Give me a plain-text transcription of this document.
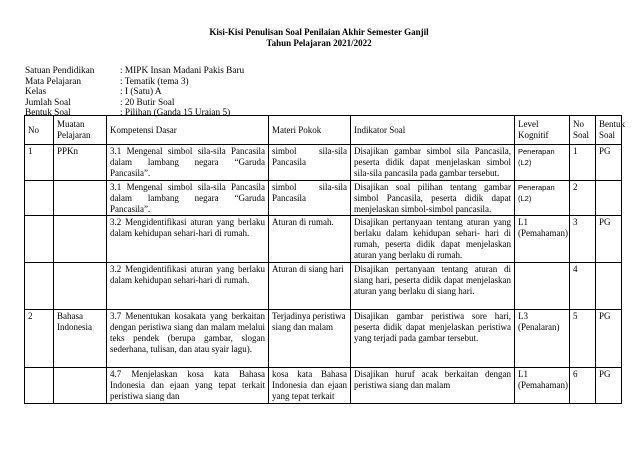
Kisi-Kisi Penulisan Soal Penilaian Akhir Semester Ganjil
Tahun Pelajaran 2021/2022
Satuan Pendidikan	: MIPK Insan Madani Pakis Baru
Mata Pelajaran	: Tematik (tema 3)
Kelas	: I (Satu) A
Jumlah Soal	: 20 Butir Soal
Bentuk Soal	: Pilihan (Ganda 15 Uraian 5)
No	Muatan Pelajaran	Kompetensi Dasar	Materi Pokok	Indikator Soal	Level Kognitif	No Soal	Bentuk Soal
1	PPKn	3.1 Mengenal simbol sila-sila Pancasila dalam lambang negara “Garuda Pancasila”.	simbol sila-sila Pancasila	Disajikan gambar simbol sila Pancasila, peserta didik dapat menjelaskan simbol sila-sila pancasila pada gambar tersebut.	Penerapan (L2)	1	PG
		3.1 Mengenal simbol sila-sila Pancasila dalam lambang negara “Garuda Pancasila”.	simbol sila-sila Pancasila	Disajikan soal pilihan tentang gambar simbol Pancasila, peserta didik dapat menjelaskan simbol-simbol pancasila.	Penerapan (L2)	2	
		3.2 Mengidentifikasi aturan yang berlaku dalam kehidupan sehari-hari di rumah.	Aturan di rumah.	Disajikan pertanyaan tentang aturan yang berlaku dalam kehidupan sehari- hari di rumah, peserta didik dapat menjelaskan aturan yang berlaku di rumah.	L1 (Pemahaman)	3	PG
		3.2 Mengidentifikasi aturan yang berlaku dalam kehidupan sehari-hari di rumah.	Aturan di siang hari	Disajikan pertanyaan tentang aturan di siang hari, peserta didik dapat menjelaskan aturan yang berlaku di siang hari.		4	
2	Bahasa Indonesia	3.7 Menentukan kosakata yang berkaitan dengan peristiwa siang dan malam melalui teks pendek (berupa gambar, slogan sederhana, tulisan, dan atau syair lagu).	Terjadinya peristiwa siang dan malam	Disajikan gambar peristiwa sore hari, peserta didik dapat menjelaskan peristiwa yang terjadi pada gambar tersebut.	L3 (Penalaran)	5	PG
		4.7 Menjelaskan kosa kata Bahasa Indonesia dan ejaan yang tepat terkait peristiwa siang dan	kosa kata Bahasa Indonesia dan ejaan yang tepat terkait	Disajikan huruf acak berkaitan dengan peristiwa siang dan malam	L1 (Pemahaman)	6	PG
